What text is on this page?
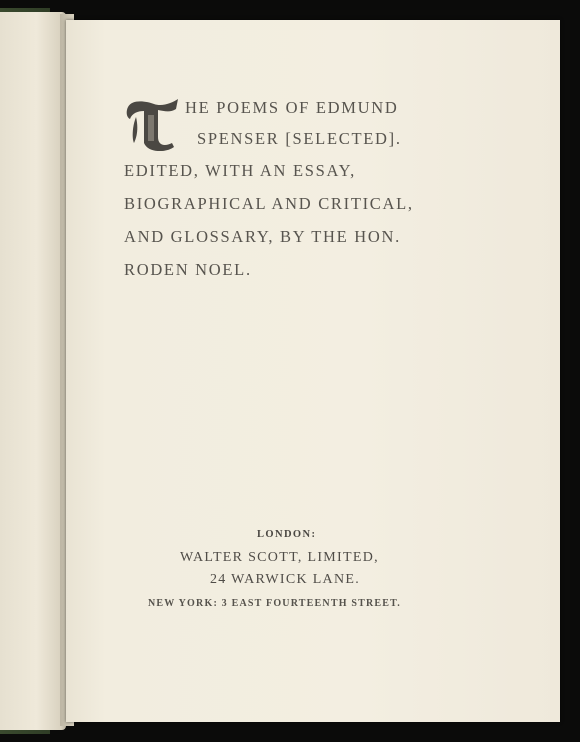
T
HE POEMS OF EDMUND
SPENSER [SELECTED].
EDITED, WITH AN ESSAY,
BIOGRAPHICAL AND CRITICAL,
AND GLOSSARY, BY THE HON.
RODEN NOEL.
LONDON:
WALTER SCOTT, LIMITED,
24 WARWICK LANE.
NEW YORK: 3 EAST FOURTEENTH STREET.
